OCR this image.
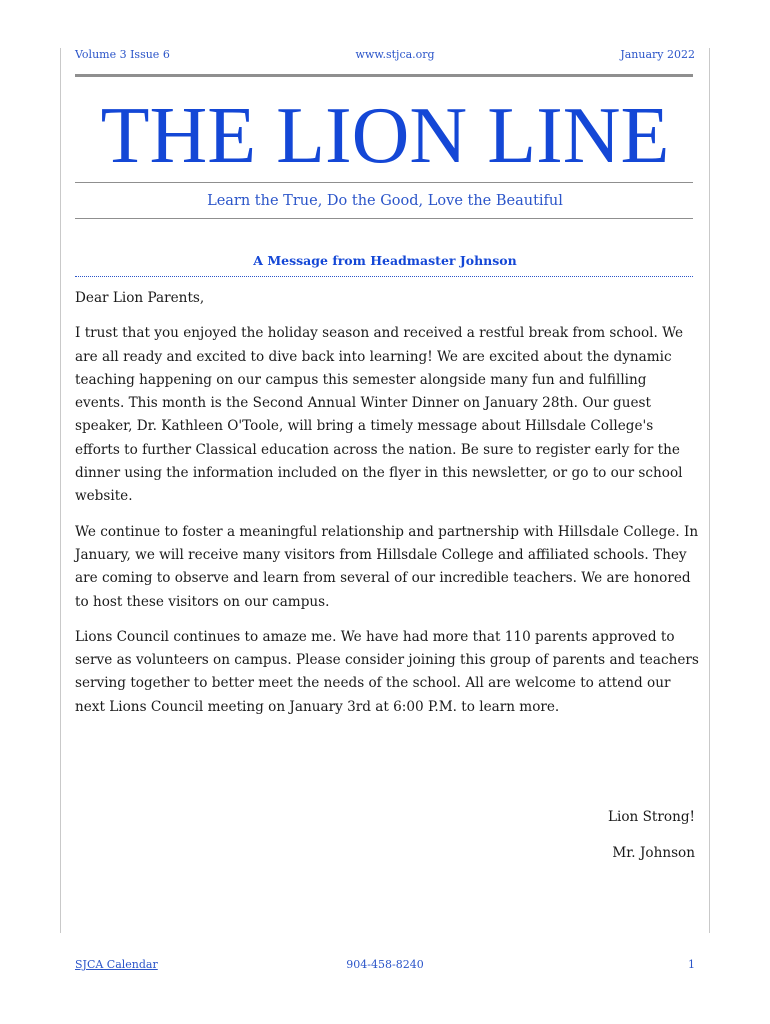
Volume 3 Issue 6	www.stjca.org	January 2022
THE LION LINE
Learn the True, Do the Good, Love the Beautiful
A Message from Headmaster Johnson

Dear Lion Parents,

I trust that you enjoyed the holiday season and received a restful break from school. We are all ready and excited to dive back into learning! We are excited about the dynamic teaching happening on our campus this semester alongside many fun and fulfilling events. This month is the Second Annual Winter Dinner on January 28th. Our guest speaker, Dr. Kathleen O'Toole, will bring a timely message about Hillsdale College's efforts to further Classical education across the nation. Be sure to register early for the dinner using the information included on the flyer in this newsletter, or go to our school website.

We continue to foster a meaningful relationship and partnership with Hillsdale College. In January, we will receive many visitors from Hillsdale College and affiliated schools. They are coming to observe and learn from several of our incredible teachers. We are honored to host these visitors on our campus.

Lions Council continues to amaze me. We have had more that 110 parents approved to serve as volunteers on campus. Please consider joining this group of parents and teachers serving together to better meet the needs of the school. All are welcome to attend our next Lions Council meeting on January 3rd at 6:00 P.M. to learn more.

Lion Strong!
Mr. Johnson
SJCA Calendar	904-458-8240	1
